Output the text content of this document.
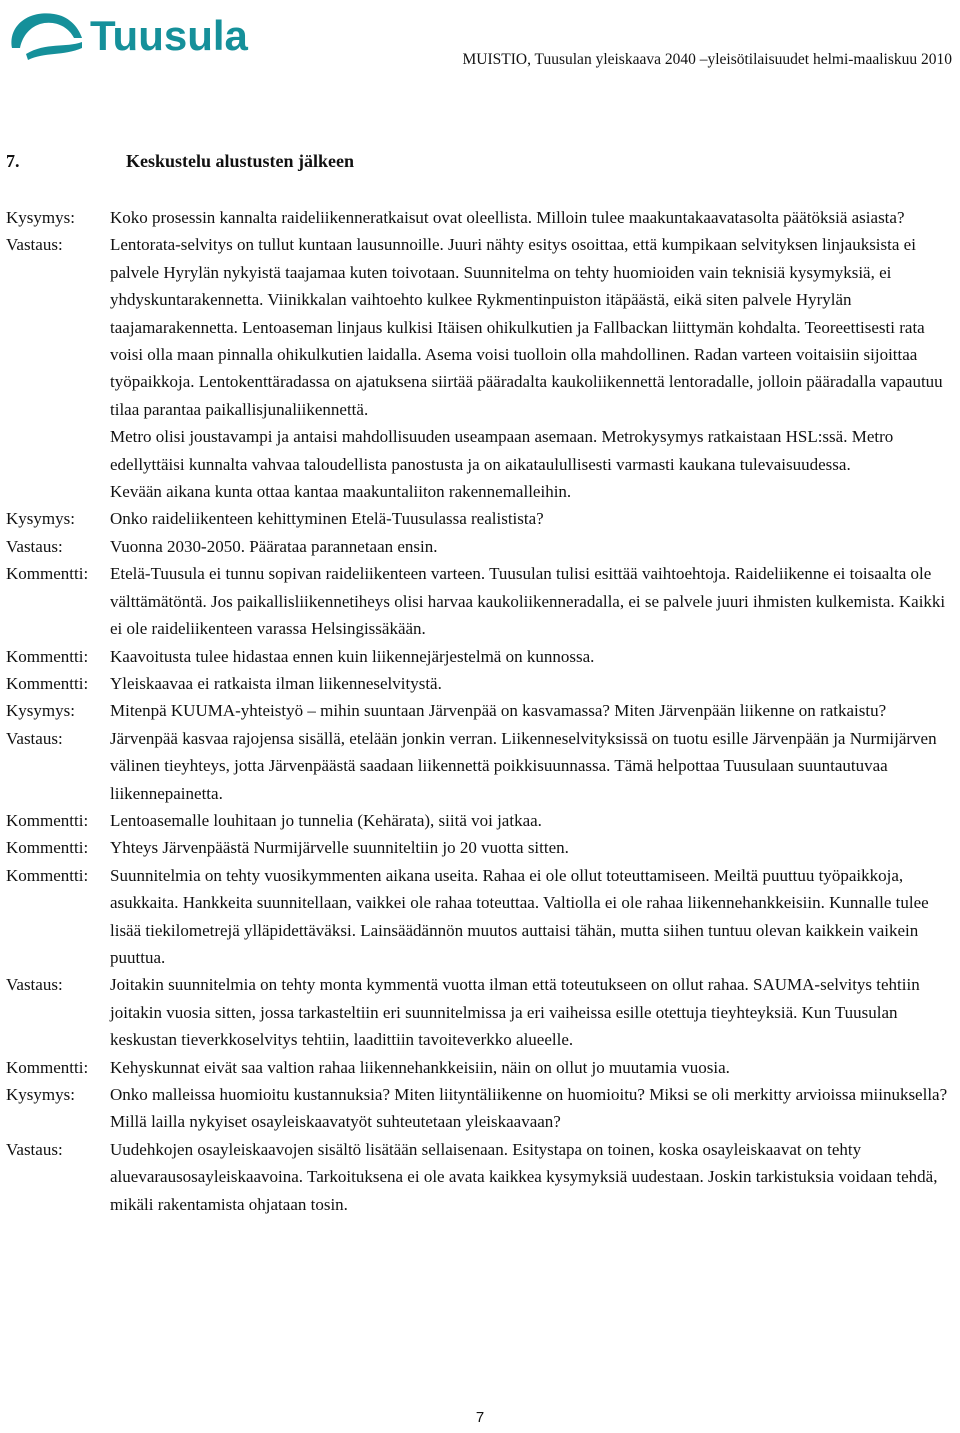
Tuusula
MUISTIO, Tuusulan yleiskaava 2040 –yleisötilaisuudet helmi-maaliskuu 2010
7.	Keskustelu alustusten jälkeen
Kysymys:	Koko prosessin kannalta raideliikenneratkaisut ovat oleellista. Milloin tulee maakuntakaavatasolta päätöksiä asiasta?
Vastaus:	Lentorata-selvitys on tullut kuntaan lausunnoille. Juuri nähty esitys osoittaa, että kumpikaan selvityksen linjauksista ei palvele Hyrylän nykyistä taajamaa kuten toivotaan. Suunnitelma on tehty huomioiden vain teknisiä kysymyksiä, ei yhdyskuntarakennetta. Viinikkalan vaihtoehto kulkee Rykmentinpuiston itäpäästä, eikä siten palvele Hyrylän taajamarakennetta. Lentoaseman linjaus kulkisi Itäisen ohikulkutien ja Fallbackan liittymän kohdalta. Teoreettisesti rata voisi olla maan pinnalla ohikulkutien laidalla. Asema voisi tuolloin olla mahdollinen. Radan varteen voitaisiin sijoittaa työpaikkoja. Lentokenttäradassa on ajatuksena siirtää pääradalta kaukoliikennettä lentoradalle, jolloin pääradalla vapautuu tilaa parantaa paikallisjunaliikennettä.
Metro olisi joustavampi ja antaisi mahdollisuuden useampaan asemaan. Metrokysymys ratkaistaan HSL:ssä. Metro edellyttäisi kunnalta vahvaa taloudellista panostusta ja on aikataulullisesti varmasti kaukana tulevaisuudessa.
Kevään aikana kunta ottaa kantaa maakuntaliiton rakennemalleihin.
Kysymys:	Onko raideliikenteen kehittyminen Etelä-Tuusulassa realistista?
Vastaus:	Vuonna 2030-2050. Päärataa parannetaan ensin.
Kommentti:	Etelä-Tuusula ei tunnu sopivan raideliikenteen varteen. Tuusulan tulisi esittää vaihtoehtoja. Raideliikenne ei toisaalta ole välttämätöntä. Jos paikallisliikennetiheys olisi harvaa kaukoliikenneradalla, ei se palvele juuri ihmisten kulkemista. Kaikki ei ole raideliikenteen varassa Helsingissäkään.
Kommentti:	Kaavoitusta tulee hidastaa ennen kuin liikennejärjestelmä on kunnossa.
Kommentti:	Yleiskaavaa ei ratkaista ilman liikenneselvitystä.
Kysymys:	Mitenpä KUUMA-yhteistyö – mihin suuntaan Järvenpää on kasvamassa? Miten Järvenpään liikenne on ratkaistu?
Vastaus:	Järvenpää kasvaa rajojensa sisällä, etelään jonkin verran. Liikenneselvityksissä on tuotu esille Järvenpään ja Nurmijärven välinen tieyhteys, jotta Järvenpäästä saadaan liikennettä poikkisuunnassa. Tämä helpottaa Tuusulaan suuntautuvaa liikennepainetta.
Kommentti:	Lentoasemalle louhitaan jo tunnelia (Kehärata), siitä voi jatkaa.
Kommentti:	Yhteys Järvenpäästä Nurmijärvelle suunniteltiin jo 20 vuotta sitten.
Kommentti:	Suunnitelmia on tehty vuosikymmenten aikana useita. Rahaa ei ole ollut toteuttamiseen. Meiltä puuttuu työpaikkoja, asukkaita. Hankkeita suunnitellaan, vaikkei ole rahaa toteuttaa. Valtiolla ei ole rahaa liikennehankkeisiin. Kunnalle tulee lisää tiekilometrejä ylläpidettäväksi. Lainsäädännön muutos auttaisi tähän, mutta siihen tuntuu olevan kaikkein vaikein puuttua.
Vastaus:	Joitakin suunnitelmia on tehty monta kymmentä vuotta ilman että toteutukseen on ollut rahaa. SAUMA-selvitys tehtiin joitakin vuosia sitten, jossa tarkasteltiin eri suunnitelmissa ja eri vaiheissa esille otettuja tieyhteyksiä. Kun Tuusulan keskustan tieverkkoselvitys tehtiin, laadittiin tavoiteverkko alueelle.
Kommentti:	Kehyskunnat eivät saa valtion rahaa liikennehankkeisiin, näin on ollut jo muutamia vuosia.
Kysymys:	Onko malleissa huomioitu kustannuksia? Miten liityntäliikenne on huomioitu? Miksi se oli merkitty arvioissa miinuksella? Millä lailla nykyiset osayleiskaavatyöt suhteutetaan yleiskaavaan?
Vastaus:	Uudehkojen osayleiskaavojen sisältö lisätään sellaisenaan. Esitystapa on toinen, koska osayleiskaavat on tehty aluevarausosayleiskaavoina. Tarkoituksena ei ole avata kaikkea kysymyksiä uudestaan. Joskin tarkistuksia voidaan tehdä, mikäli rakentamista ohjataan tosin.
7
